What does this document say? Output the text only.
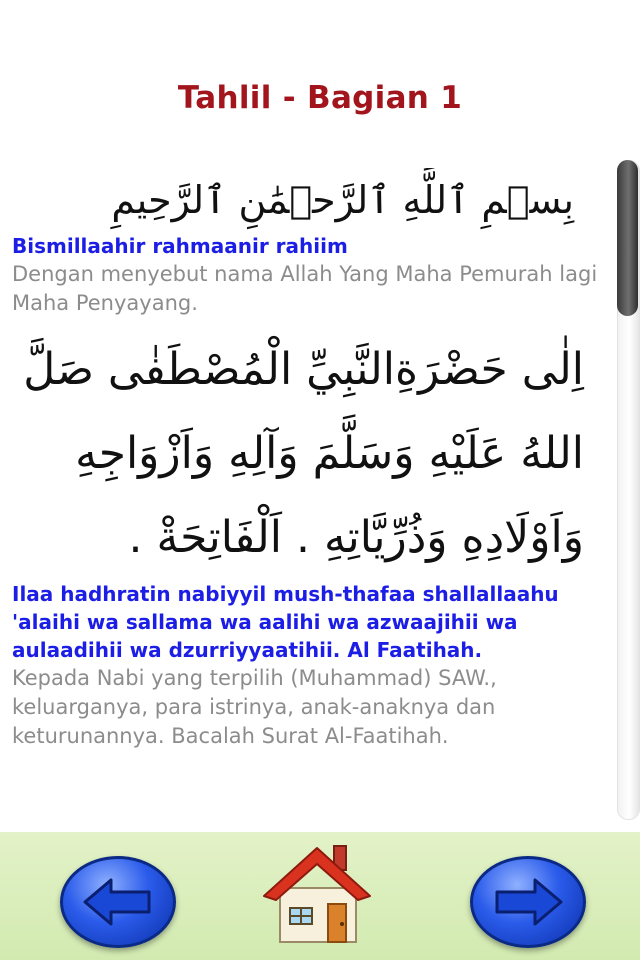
Tahlil - Bagian 1
بِسۡمِ ٱللَّهِ ٱلرَّحۡمَٰنِ ٱلرَّحِيمِ

Bismillaahir rahmaanir rahiim

Dengan menyebut nama Allah Yang Maha Pemurah lagi Maha Penyayang.

اِلٰى حَضْرَةِالنَّبِيِّ الْمُصْطَفٰى صَلَّ
اللهُ عَلَيْهِ وَسَلَّمَ وَآلِهِ وَاَزْوَاجِهِ
وَاَوْلَادِهِ وَذُرِّيَّاتِهِ . اَلْفَاتِحَةْ .

Ilaa hadhratin nabiyyil mush-thafaa shallallaahu 'alaihi wa sallama wa aalihi wa azwaajihii wa aulaadihii wa dzurriyyaatihii. Al Faatihah.

Kepada Nabi yang terpilih (Muhammad) SAW., keluarganya, para istrinya, anak-anaknya dan keturunannya. Bacalah Surat Al-Faatihah.
